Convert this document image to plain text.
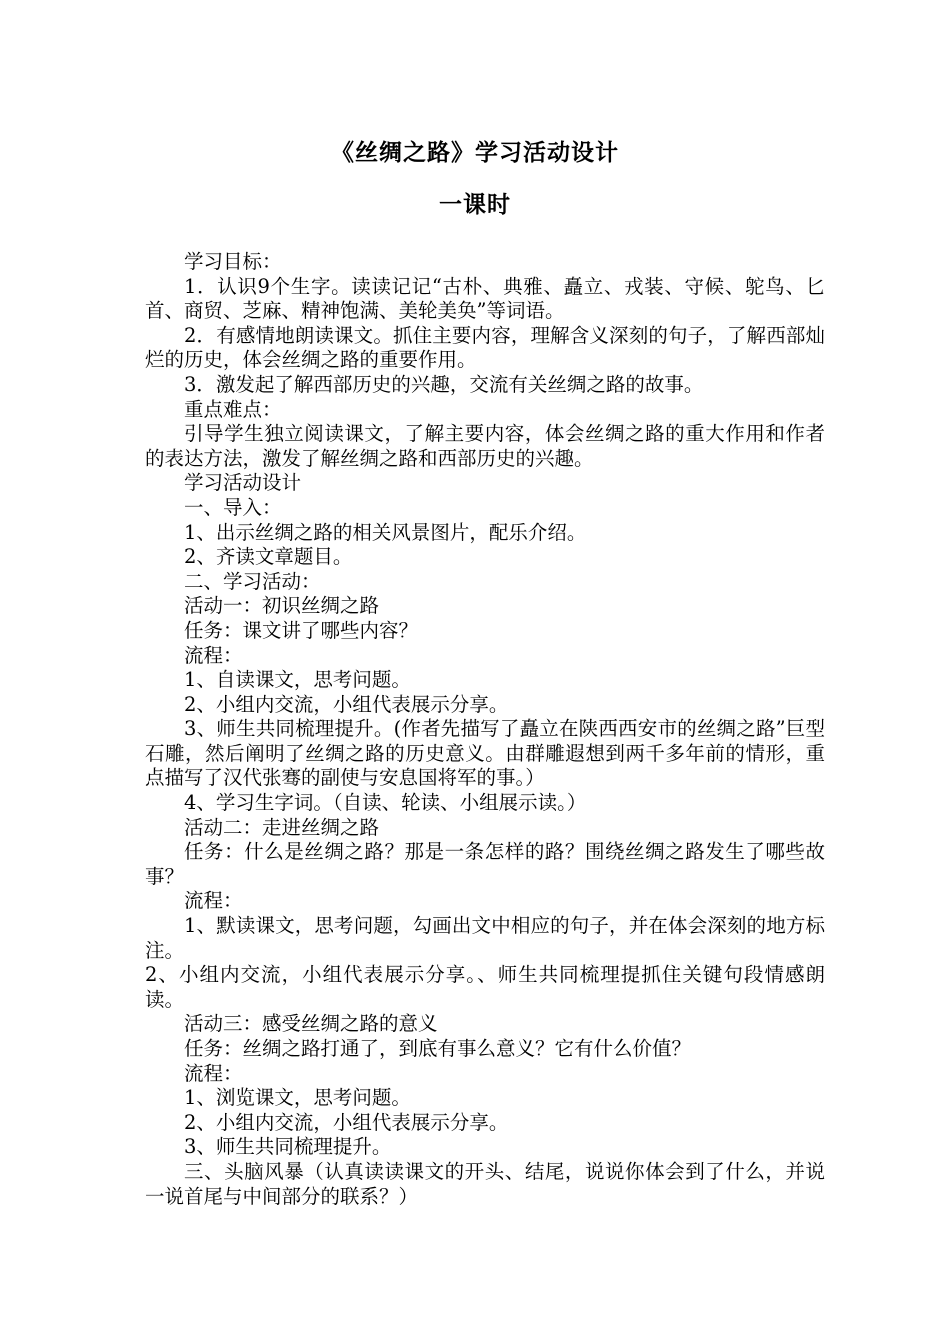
《丝绸之路》学习活动设计
一课时

学习目标：

1．认识9个生字。读读记记“古朴、典雅、矗立、戎装、守候、鸵鸟、匕首、商贸、芝麻、精神饱满、美轮美奂”等词语。

2．有感情地朗读课文。抓住主要内容，理解含义深刻的句子，了解西部灿烂的历史，体会丝绸之路的重要作用。

3．激发起了解西部历史的兴趣，交流有关丝绸之路的故事。

重点难点：

引导学生独立阅读课文，了解主要内容，体会丝绸之路的重大作用和作者的表达方法，激发了解丝绸之路和西部历史的兴趣。

学习活动设计

一、导入：

1、出示丝绸之路的相关风景图片，配乐介绍。

2、齐读文章题目。

二、学习活动：

活动一：初识丝绸之路

任务：课文讲了哪些内容？

流程：

1、自读课文，思考问题。

2、小组内交流，小组代表展示分享。

3、师生共同梳理提升。(作者先描写了矗立在陕西西安市的丝绸之路”巨型石雕，然后阐明了丝绸之路的历史意义。由群雕遐想到两千多年前的情形，重点描写了汉代张骞的副使与安息国将军的事。）

4、学习生字词。（自读、轮读、小组展示读。）

活动二：走进丝绸之路

任务：什么是丝绸之路？那是一条怎样的路？围绕丝绸之路发生了哪些故事？

流程：

1、默读课文，思考问题，勾画出文中相应的句子，并在体会深刻的地方标注。

2、小组内交流，小组代表展示分享。、师生共同梳理提抓住关键句段情感朗读。

活动三：感受丝绸之路的意义

任务：丝绸之路打通了，到底有事么意义？它有什么价值？

流程：

1、浏览课文，思考问题。

2、小组内交流，小组代表展示分享。

3、师生共同梳理提升。

三、头脑风暴（认真读读课文的开头、结尾，说说你体会到了什么，并说一说首尾与中间部分的联系？）
